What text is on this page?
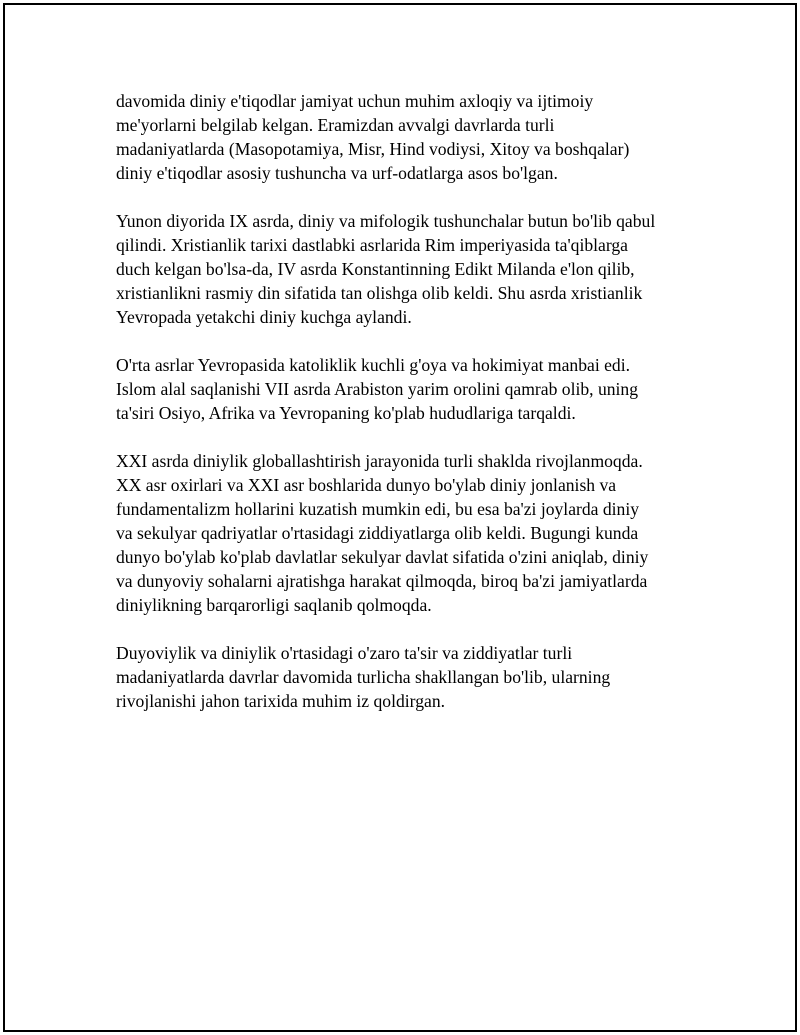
davomida diniy e'tiqodlar jamiyat uchun muhim axloqiy va ijtimoiy
me'yorlarni belgilab kelgan. Eramizdan avvalgi davrlarda turli
madaniyatlarda (Masopotamiya, Misr, Hind vodiysi, Xitoy va boshqalar)
diniy e'tiqodlar asosiy tushuncha va urf-odatlarga asos bo'lgan.

Yunon diyorida IX asrda, diniy va mifologik tushunchalar butun bo'lib qabul
qilindi. Xristianlik tarixi dastlabki asrlarida Rim imperiyasida ta'qiblarga
duch kelgan bo'lsa-da, IV asrda Konstantinning Edikt Milanda e'lon qilib,
xristianlikni rasmiy din sifatida tan olishga olib keldi. Shu asrda xristianlik
Yevropada yetakchi diniy kuchga aylandi.

O'rta asrlar Yevropasida katoliklik kuchli g'oya va hokimiyat manbai edi.
Islom alal saqlanishi VII asrda Arabiston yarim orolini qamrab olib, uning
ta'siri Osiyo, Afrika va Yevropaning ko'plab hududlariga tarqaldi.

XXI asrda diniylik globallashtirish jarayonida turli shaklda rivojlanmoqda.
XX asr oxirlari va XXI asr boshlarida dunyo bo'ylab diniy jonlanish va
fundamentalizm hollarini kuzatish mumkin edi, bu esa ba'zi joylarda diniy
va sekulyar qadriyatlar o'rtasidagi ziddiyatlarga olib keldi. Bugungi kunda
dunyo bo'ylab ko'plab davlatlar sekulyar davlat sifatida o'zini aniqlab, diniy
va dunyoviy sohalarni ajratishga harakat qilmoqda, biroq ba'zi jamiyatlarda
diniylikning barqarorligi saqlanib qolmoqda.

Duyoviylik va diniylik o'rtasidagi o'zaro ta'sir va ziddiyatlar turli
madaniyatlarda davrlar davomida turlicha shakllangan bo'lib, ularning
rivojlanishi jahon tarixida muhim iz qoldirgan.
